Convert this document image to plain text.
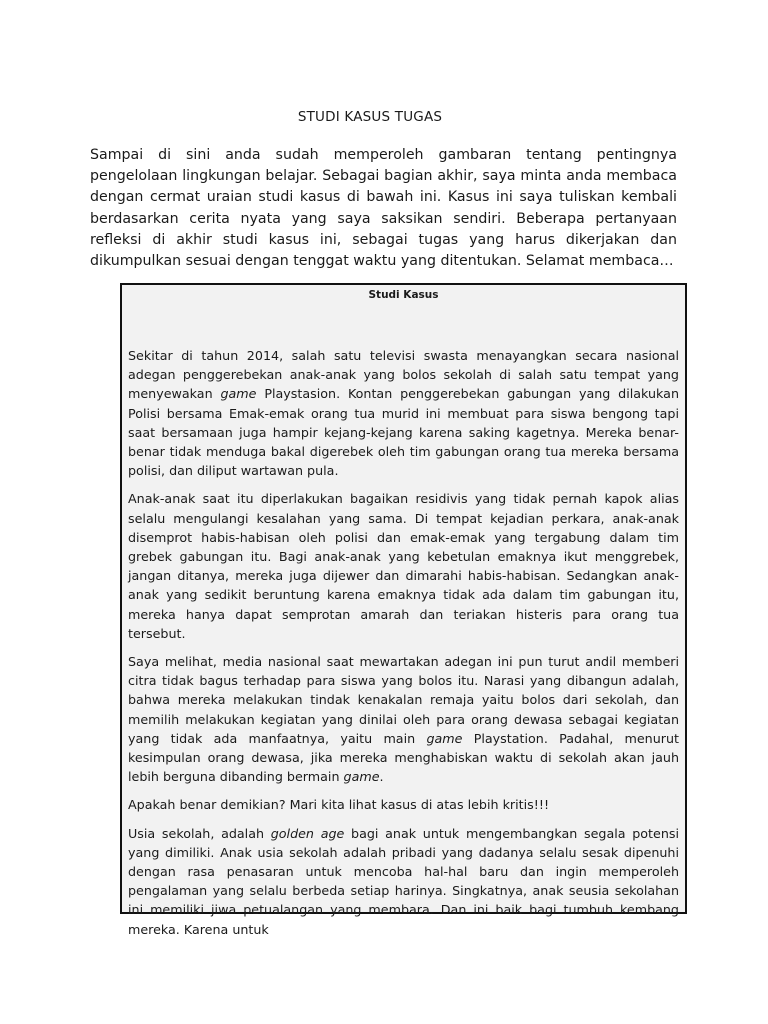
STUDI KASUS TUGAS

Sampai di sini anda sudah memperoleh gambaran tentang pentingnya pengelolaan lingkungan belajar. Sebagai bagian akhir, saya minta anda membaca dengan cermat uraian studi kasus di bawah ini. Kasus ini saya tuliskan kembali berdasarkan cerita nyata yang saya saksikan sendiri. Beberapa pertanyaan refleksi di akhir studi kasus ini, sebagai tugas yang harus dikerjakan dan dikumpulkan sesuai dengan tenggat waktu yang ditentukan. Selamat membaca…

Studi Kasus

Sekitar di tahun 2014, salah satu televisi swasta menayangkan secara nasional adegan penggerebekan anak-anak yang bolos sekolah di salah satu tempat yang menyewakan game Playstasion. Kontan penggerebekan gabungan yang dilakukan Polisi bersama Emak-emak orang tua murid ini membuat para siswa bengong tapi saat bersamaan juga hampir kejang-kejang karena saking kagetnya. Mereka benar-benar tidak menduga bakal digerebek oleh tim gabungan orang tua mereka bersama polisi, dan diliput wartawan pula.

Anak-anak saat itu diperlakukan bagaikan residivis yang tidak pernah kapok alias selalu mengulangi kesalahan yang sama. Di tempat kejadian perkara, anak-anak disemprot habis-habisan oleh polisi dan emak-emak yang tergabung dalam tim grebek gabungan itu. Bagi anak-anak yang kebetulan emaknya ikut menggrebek, jangan ditanya, mereka juga dijewer dan dimarahi habis-habisan. Sedangkan anak-anak yang sedikit beruntung karena emaknya tidak ada dalam tim gabungan itu, mereka hanya dapat semprotan amarah dan teriakan histeris para orang tua tersebut.

Saya melihat, media nasional saat mewartakan adegan ini pun turut andil memberi citra tidak bagus terhadap para siswa yang bolos itu. Narasi yang dibangun adalah, bahwa mereka melakukan tindak kenakalan remaja yaitu bolos dari sekolah, dan memilih melakukan kegiatan yang dinilai oleh para orang dewasa sebagai kegiatan yang tidak ada manfaatnya, yaitu main game Playstation. Padahal, menurut kesimpulan orang dewasa, jika mereka menghabiskan waktu di sekolah akan jauh lebih berguna dibanding bermain game.

Apakah benar demikian? Mari kita lihat kasus di atas lebih kritis!!!

Usia sekolah, adalah golden age bagi anak untuk mengembangkan segala potensi yang dimiliki. Anak usia sekolah adalah pribadi yang dadanya selalu sesak dipenuhi dengan rasa penasaran untuk mencoba hal-hal baru dan ingin memperoleh pengalaman yang selalu berbeda setiap harinya. Singkatnya, anak seusia sekolahan ini memiliki jiwa petualangan yang membara. Dan ini baik bagi tumbuh kembang mereka. Karena untuk
